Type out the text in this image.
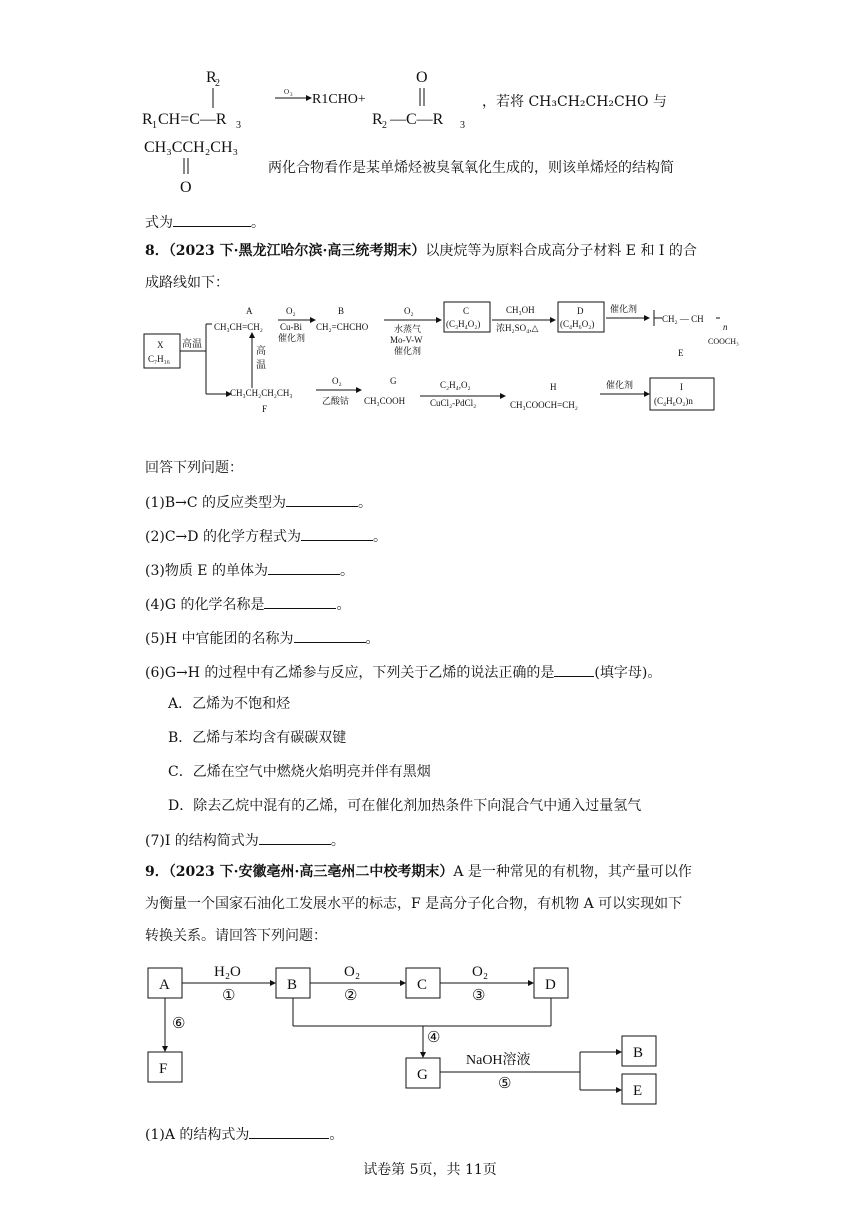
R
2
R 1 CH=C—R 3
O 3 R1CHO+
O
R 2 —C—R 3
CH₃CCH₂CH₃
O
，若将 CH₃CH₂CH₂CHO 与
两化合物看作是某单烯烃被臭氧氧化生成的，则该单烯烃的结构简
式为	。
8．（2023 下·黑龙江哈尔滨·高三统考期末）以庚烷等为原料合成高分子材料 E 和 I 的合
成路线如下：
X
C₇H₁₆
高温
A
CH₃CH=CH₂
O₂
Cu-Bi
催化剂
高
温
B
CH₂=CHCHO
O₂
水蒸气
Mo-V-W
催化剂
C
(C₃H₄O₂)
CH₃OH
浓H₂SO₄,△
D
(C₄H₆O₂)
催化剂
CH₂ — CH
n
COOCH₃
E
CH₃CH₂CH₂CH₃
F
O₂
乙酸钴
G
CH₃COOH
C₂H₄,O₂
CuCl₂-PdCl₂
H
CH₃COOCH=CH₂
催化剂	I
(C₄H₆O₂)n
回答下列问题：
(1)B→C 的反应类型为	。
(2)C→D 的化学方程式为	。
(3)物质 E 的单体为	。
(4)G 的化学名称是	。
(5)H 中官能团的名称为	。
(6)G→H 的过程中有乙烯参与反应，下列关于乙烯的说法正确的是	(填字母)。
A．乙烯为不饱和烃
B．乙烯与苯均含有碳碳双键
C．乙烯在空气中燃烧火焰明亮并伴有黑烟
D．除去乙烷中混有的乙烯，可在催化剂加热条件下向混合气中通入过量氢气
(7)I 的结构简式为	。
9．（2023 下·安徽亳州·高三亳州二中校考期末）A 是一种常见的有机物，其产量可以作
为衡量一个国家石油化工发展水平的标志，F 是高分子化合物，有机物 A 可以实现如下
转换关系。请回答下列问题：
A
H₂O
①
B
O₂
②
C
O₂
③
D
⑥
F
④
G
NaOH溶液
⑤
B
E
(1)A 的结构式为	。
试卷第 5页，共 11页
